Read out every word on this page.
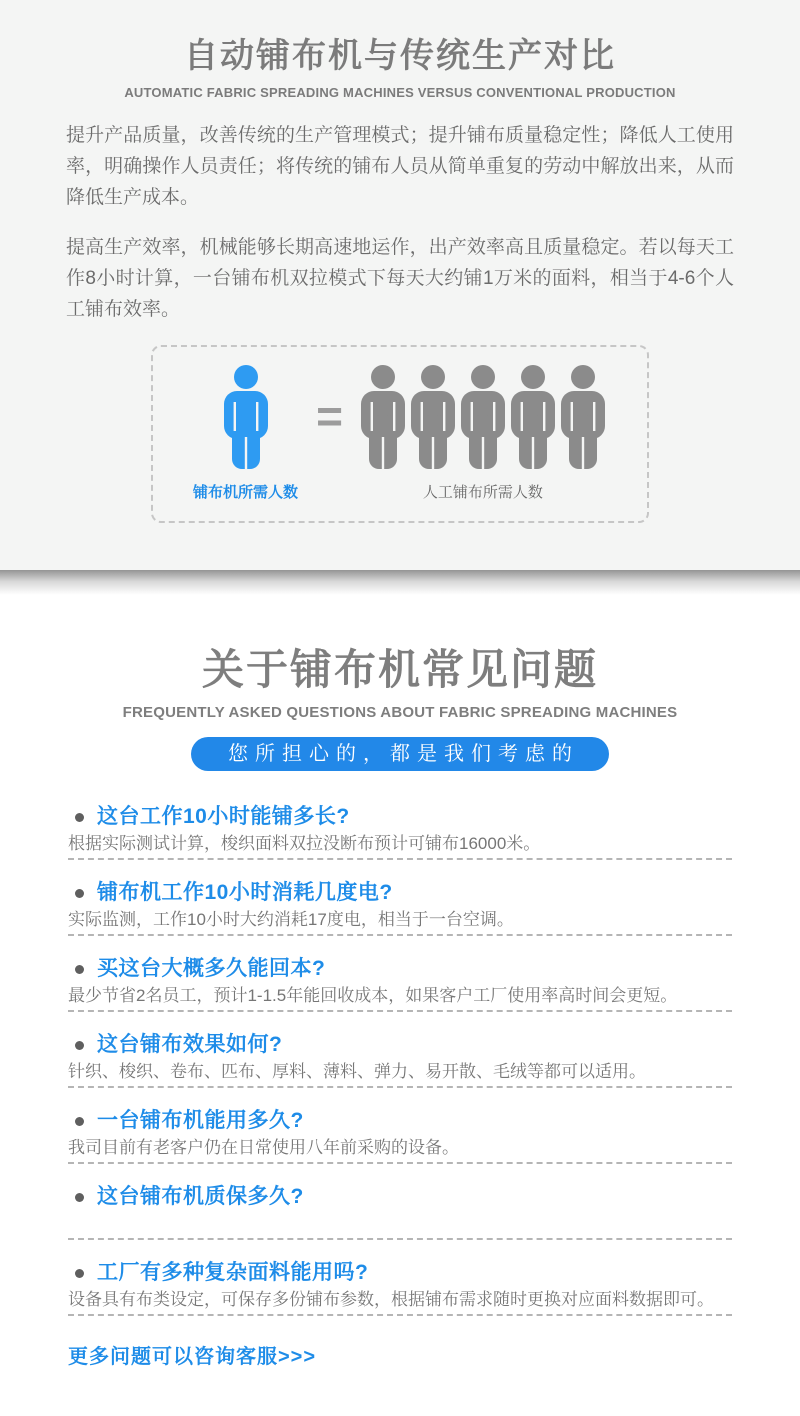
自动铺布机与传统生产对比
AUTOMATIC FABRIC SPREADING MACHINES VERSUS CONVENTIONAL PRODUCTION

提升产品质量，改善传统的生产管理模式；提升铺布质量稳定性；降低人工使用率，明确操作人员责任；将传统的铺布人员从简单重复的劳动中解放出来，从而降低生产成本。

提高生产效率，机械能够长期高速地运作，出产效率高且质量稳定。若以每天工作8小时计算，一台铺布机双拉模式下每天大约铺1万米的面料，相当于4-6个人工铺布效率。

铺布机所需人数
=
人工铺布所需人数
关于铺布机常见问题
FREQUENTLY ASKED QUESTIONS ABOUT FABRIC SPREADING MACHINES
您所担心的，都是我们考虑的
这台工作10小时能铺多长?
根据实际测试计算，梭织面料双拉没断布预计可铺布16000米。
铺布机工作10小时消耗几度电?
实际监测，工作10小时大约消耗17度电，相当于一台空调。
买这台大概多久能回本?
最少节省2名员工，预计1-1.5年能回收成本，如果客户工厂使用率高时间会更短。
这台铺布效果如何?
针织、梭织、卷布、匹布、厚料、薄料、弹力、易开散、毛绒等都可以适用。
一台铺布机能用多久?
我司目前有老客户仍在日常使用八年前采购的设备。
这台铺布机质保多久?
工厂有多种复杂面料能用吗?
设备具有布类设定，可保存多份铺布参数，根据铺布需求随时更换对应面料数据即可。
更多问题可以咨询客服>>>
